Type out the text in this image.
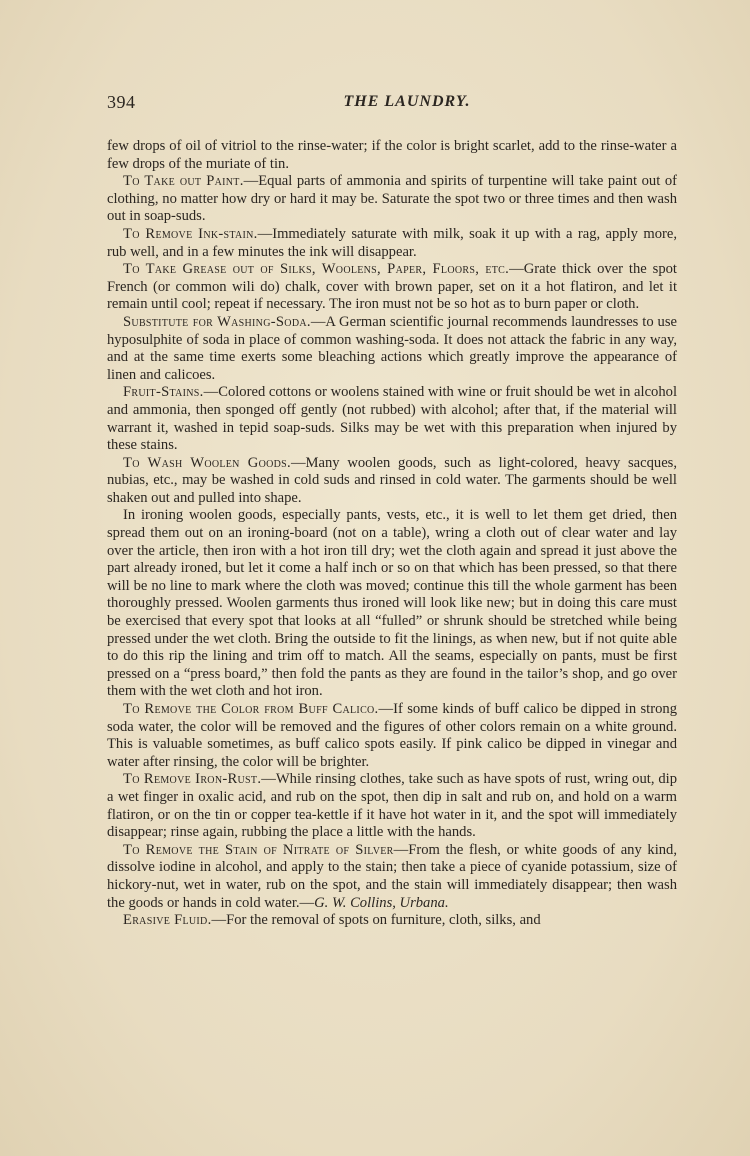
394	THE LAUNDRY.

few drops of oil of vitriol to the rinse-water; if the color is bright scarlet, add to the rinse-water a few drops of the muriate of tin.

To Take out Paint.—Equal parts of ammonia and spirits of turpentine will take paint out of clothing, no matter how dry or hard it may be. Saturate the spot two or three times and then wash out in soap-suds.

To Remove Ink-stain.—Immediately saturate with milk, soak it up with a rag, apply more, rub well, and in a few minutes the ink will disappear.

To Take Grease out of Silks, Woolens, Paper, Floors, etc.—Grate thick over the spot French (or common wili do) chalk, cover with brown paper, set on it a hot flatiron, and let it remain until cool; repeat if necessary. The iron must not be so hot as to burn paper or cloth.

Substitute for Washing-Soda.—A German scientific journal recommends laundresses to use hyposulphite of soda in place of common washing-soda. It does not attack the fabric in any way, and at the same time exerts some bleaching actions which greatly improve the appearance of linen and calicoes.

Fruit-Stains.—Colored cottons or woolens stained with wine or fruit should be wet in alcohol and ammonia, then sponged off gently (not rubbed) with alcohol; after that, if the material will warrant it, washed in tepid soap-suds. Silks may be wet with this preparation when injured by these stains.

To Wash Woolen Goods.—Many woolen goods, such as light-colored, heavy sacques, nubias, etc., may be washed in cold suds and rinsed in cold water. The garments should be well shaken out and pulled into shape.

In ironing woolen goods, especially pants, vests, etc., it is well to let them get dried, then spread them out on an ironing-board (not on a table), wring a cloth out of clear water and lay over the article, then iron with a hot iron till dry; wet the cloth again and spread it just above the part already ironed, but let it come a half inch or so on that which has been pressed, so that there will be no line to mark where the cloth was moved; continue this till the whole garment has been thoroughly pressed. Woolen garments thus ironed will look like new; but in doing this care must be exercised that every spot that looks at all “fulled” or shrunk should be stretched while being pressed under the wet cloth. Bring the outside to fit the linings, as when new, but if not quite able to do this rip the lining and trim off to match. All the seams, especially on pants, must be first pressed on a “press board,” then fold the pants as they are found in the tailor’s shop, and go over them with the wet cloth and hot iron.

To Remove the Color from Buff Calico.—If some kinds of buff calico be dipped in strong soda water, the color will be removed and the figures of other colors remain on a white ground. This is valuable sometimes, as buff calico spots easily. If pink calico be dipped in vinegar and water after rinsing, the color will be brighter.

To Remove Iron-Rust.—While rinsing clothes, take such as have spots of rust, wring out, dip a wet finger in oxalic acid, and rub on the spot, then dip in salt and rub on, and hold on a warm flatiron, or on the tin or copper tea-kettle if it have hot water in it, and the spot will immediately disappear; rinse again, rubbing the place a little with the hands.

To Remove the Stain of Nitrate of Silver—From the flesh, or white goods of any kind, dissolve iodine in alcohol, and apply to the stain; then take a piece of cyanide potassium, size of hickory-nut, wet in water, rub on the spot, and the stain will immediately disappear; then wash the goods or hands in cold water.—G. W. Collins, Urbana.

Erasive Fluid.—For the removal of spots on furniture, cloth, silks, and
